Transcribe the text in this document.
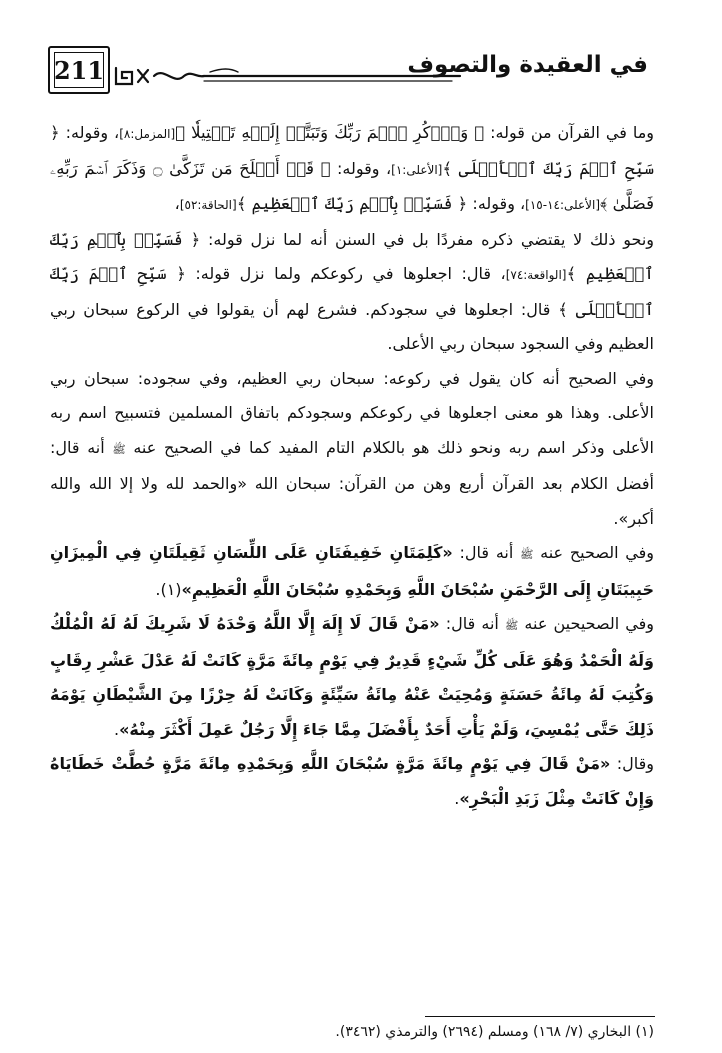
211	في العقيدة والتصوف

وما في القرآن من قوله: ﴿ وَٱذۡكُرِ ٱسۡمَ رَبِّكَ وَتَبَتَّلۡ إِلَيۡهِ تَبۡتِيلٗا ﴾[المزمل:٨]، وقوله: ﴿ سَبِّحِ ٱسۡمَ رَبِّكَ ٱلۡأَعۡلَى ﴾[الأعلى:١]، وقوله: ﴿ قَدۡ أَفۡلَحَ مَن تَزَكَّىٰ ۝ وَذَكَرَ ٱسۡمَ رَبِّهِۦ فَصَلَّىٰ ﴾[الأعلى:١٤-١٥]، وقوله: ﴿ فَسَبِّحۡ بِٱسۡمِ رَبِّكَ ٱلۡعَظِيمِ ﴾[الحاقة:٥٢]،

ونحو ذلك لا يقتضي ذكره مفردًا بل في السنن أنه لما نزل قوله: ﴿ فَسَبِّحۡ بِٱسۡمِ رَبِّكَ ٱلۡعَظِيمِ ﴾[الواقعة:٧٤]، قال: اجعلوها في ركوعكم ولما نزل قوله: ﴿ سَبِّحِ ٱسۡمَ رَبِّكَ ٱلۡأَعۡلَى ﴾ قال: اجعلوها في سجودكم. فشرع لهم أن يقولوا في الركوع سبحان ربي العظيم وفي السجود سبحان ربي الأعلى.

وفي الصحيح أنه كان يقول في ركوعه: سبحان ربي العظيم، وفي سجوده: سبحان ربي الأعلى. وهذا هو معنى اجعلوها في ركوعكم وسجودكم باتفاق المسلمين فتسبيح اسم ربه الأعلى وذكر اسم ربه ونحو ذلك هو بالكلام التام المفيد كما في الصحيح عنه ﷺ أنه قال: أفضل الكلام بعد القرآن أربع وهن من القرآن: سبحان الله «والحمد لله ولا إلا الله والله أكبر».

وفي الصحيح عنه ﷺ أنه قال: «كَلِمَتَانِ خَفِيفَتَانِ عَلَى اللِّسَانِ ثَقِيلَتَانِ فِي الْمِيزَانِ حَبِيبَتَانِ إِلَى الرَّحْمَنِ سُبْحَانَ اللَّهِ وَبِحَمْدِهِ سُبْحَانَ اللَّهِ الْعَظِيمِ»(١).

وفي الصحيحين عنه ﷺ أنه قال: «مَنْ قَالَ لَا إِلَهَ إِلَّا اللَّهُ وَحْدَهُ لَا شَرِيكَ لَهُ لَهُ الْمُلْكُ وَلَهُ الْحَمْدُ وَهُوَ عَلَى كُلِّ شَيْءٍ قَدِيرٌ فِي يَوْمٍ مِائَةَ مَرَّةٍ كَانَتْ لَهُ عَدْلَ عَشْرِ رِقَابٍ وَكُتِبَ لَهُ مِائَةُ حَسَنَةٍ وَمُحِيَتْ عَنْهُ مِائَةُ سَيِّئَةٍ وَكَانَتْ لَهُ حِرْزًا مِنَ الشَّيْطَانِ يَوْمَهُ ذَلِكَ حَتَّى يُمْسِيَ، وَلَمْ يَأْتِ أَحَدٌ بِأَفْضَلَ مِمَّا جَاءَ إِلَّا رَجُلٌ عَمِلَ أَكْثَرَ مِنْهُ».

وقال: «مَنْ قَالَ فِي يَوْمٍ مِائَةَ مَرَّةٍ سُبْحَانَ اللَّهِ وَبِحَمْدِهِ مِائَةَ مَرَّةٍ حُطَّتْ خَطَايَاهُ وَإِنْ كَانَتْ مِثْلَ زَبَدِ الْبَحْرِ».

(١) البخاري (٧/ ١٦٨) ومسلم (٢٦٩٤) والترمذي (٣٤٦٢).
